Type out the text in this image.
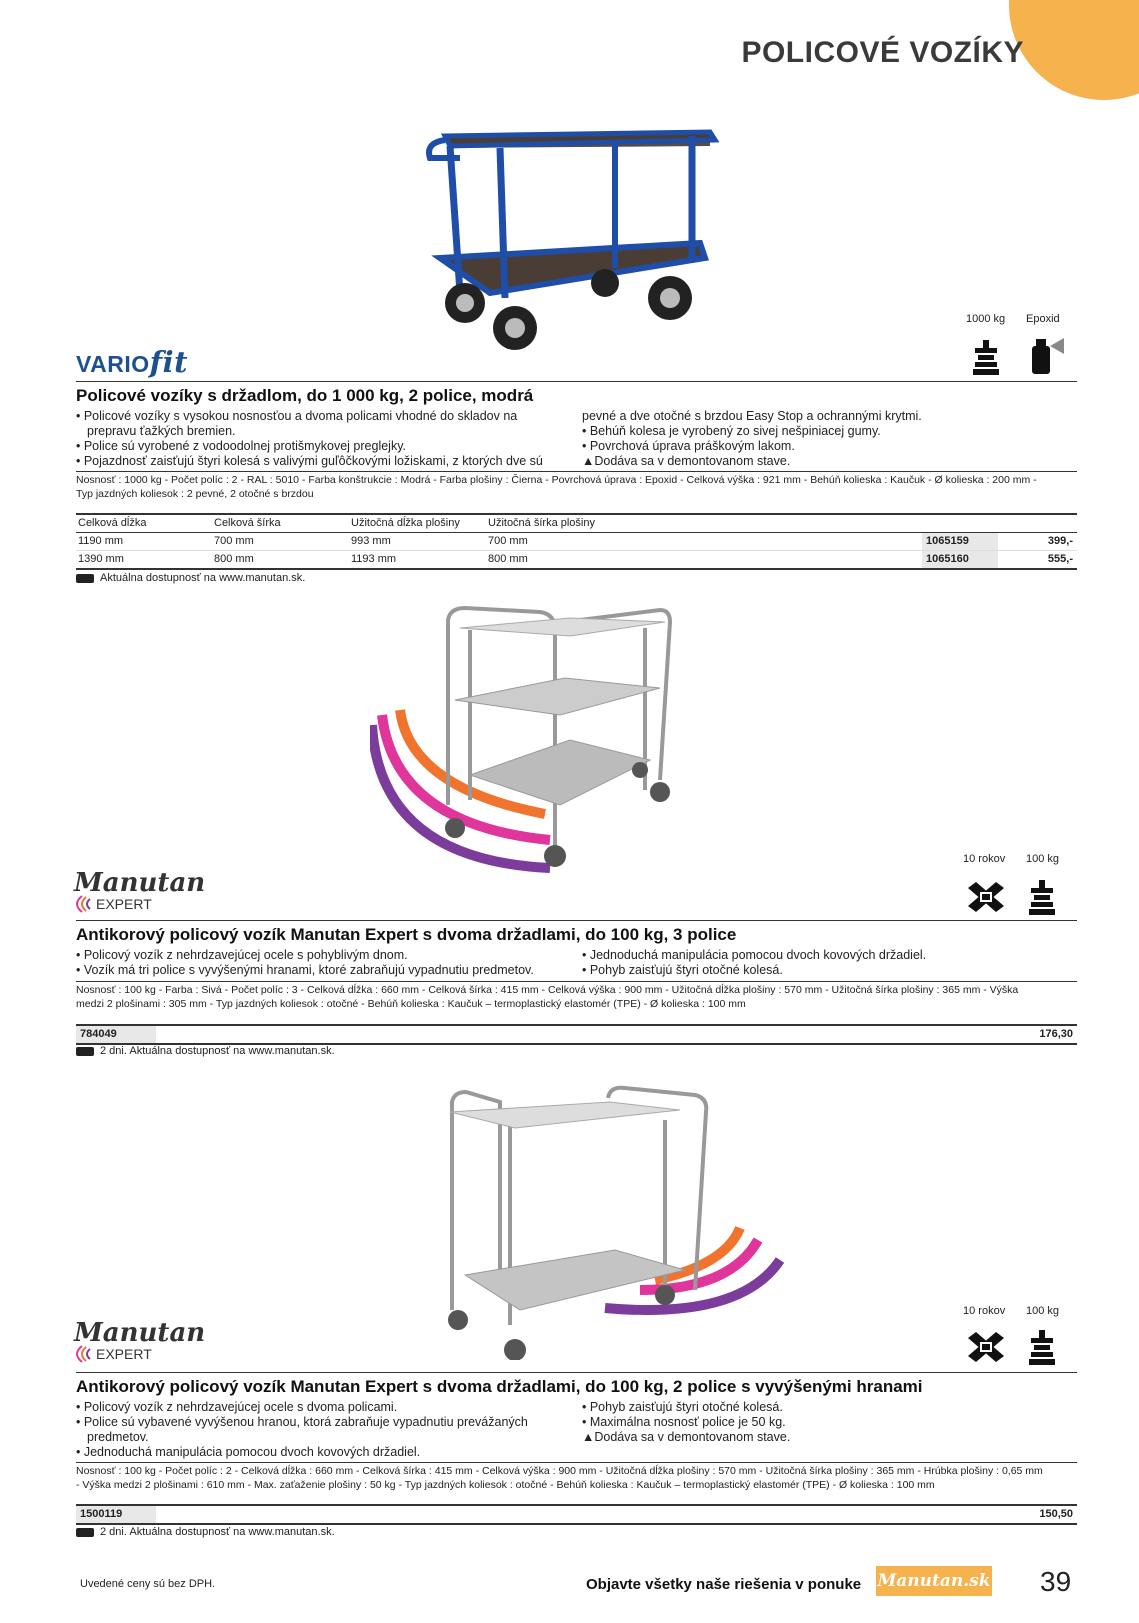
POLICOVÉ VOZÍKY
VARIOfit
1000 kg Epoxid
Policové vozíky s držadlom, do 1 000 kg, 2 police, modrá
• Policové vozíky s vysokou nosnosťou a dvoma policami vhodné do skladov na prepravu ťažkých bremien.
• Police sú vyrobené z vodoodolnej protišmykovej preglejky.
• Pojazdnosť zaisťujú štyri kolesá s valivými guľôčkovými ložiskami, z ktorých dve sú
pevné a dve otočné s brzdou Easy Stop a ochrannými krytmi.
• Behúň kolesa je vyrobený zo sivej nešpiniacej gumy.
• Povrchová úprava práškovým lakom.
▲Dodáva sa v demontovanom stave.
Nosnosť : 1000 kg - Počet políc : 2 - RAL : 5010 - Farba konštrukcie : Modrá - Farba plošiny : Čierna - Povrchová úprava : Epoxid - Celková výška : 921 mm - Behúň kolieska : Kaučuk - Ø kolieska : 200 mm -
Typ jazdných koliesok : 2 pevné, 2 otočné s brzdou
Celková dĺžka	Celková šírka	Užitočná dĺžka plošiny	Užitočná šírka plošiny
1190 mm	700 mm	993 mm	700 mm	1065159	399,-
1390 mm	800 mm	1193 mm	800 mm	1065160	555,-
Aktuálna dostupnosť na www.manutan.sk.
Manutan
EXPERT
10 rokov 100 kg
Antikorový policový vozík Manutan Expert s dvoma držadlami, do 100 kg, 3 police
• Policový vozík z nehrdzavejúcej ocele s pohyblivým dnom.
• Vozík má tri police s vyvýšenými hranami, ktoré zabraňujú vypadnutiu predmetov.
• Jednoduchá manipulácia pomocou dvoch kovových držadiel.
• Pohyb zaisťujú štyri otočné kolesá.
Nosnosť : 100 kg - Farba : Sivá - Počet políc : 3 - Celková dĺžka : 660 mm - Celková šírka : 415 mm - Celková výška : 900 mm - Užitočná dĺžka plošiny : 570 mm - Užitočná šírka plošiny : 365 mm - Výška
medzi 2 plošinami : 305 mm - Typ jazdných koliesok : otočné - Behúň kolieska : Kaučuk – termoplastický elastomér (TPE) - Ø kolieska : 100 mm
784049	176,30
2 dni. Aktuálna dostupnosť na www.manutan.sk.
Manutan
EXPERT
10 rokov 100 kg
Antikorový policový vozík Manutan Expert s dvoma držadlami, do 100 kg, 2 police s vyvýšenými hranami
• Policový vozík z nehrdzavejúcej ocele s dvoma policami.
• Police sú vybavené vyvýšenou hranou, ktorá zabraňuje vypadnutiu prevážaných predmetov.
• Jednoduchá manipulácia pomocou dvoch kovových držadiel.
• Pohyb zaisťujú štyri otočné kolesá.
• Maximálna nosnosť police je 50 kg.
▲Dodáva sa v demontovanom stave.
Nosnosť : 100 kg - Počet políc : 2 - Celková dĺžka : 660 mm - Celková šírka : 415 mm - Celková výška : 900 mm - Užitočná dĺžka plošiny : 570 mm - Užitočná šírka plošiny : 365 mm - Hrúbka plošiny : 0,65 mm
- Výška medzi 2 plošinami : 610 mm - Max. zaťaženie plošiny : 50 kg - Typ jazdných koliesok : otočné - Behúň kolieska : Kaučuk – termoplastický elastomér (TPE) - Ø kolieska : 100 mm
1500119	150,50
2 dni. Aktuálna dostupnosť na www.manutan.sk.
Uvedené ceny sú bez DPH.	Objavte všetky naše riešenia v ponuke Manutan.sk 39
